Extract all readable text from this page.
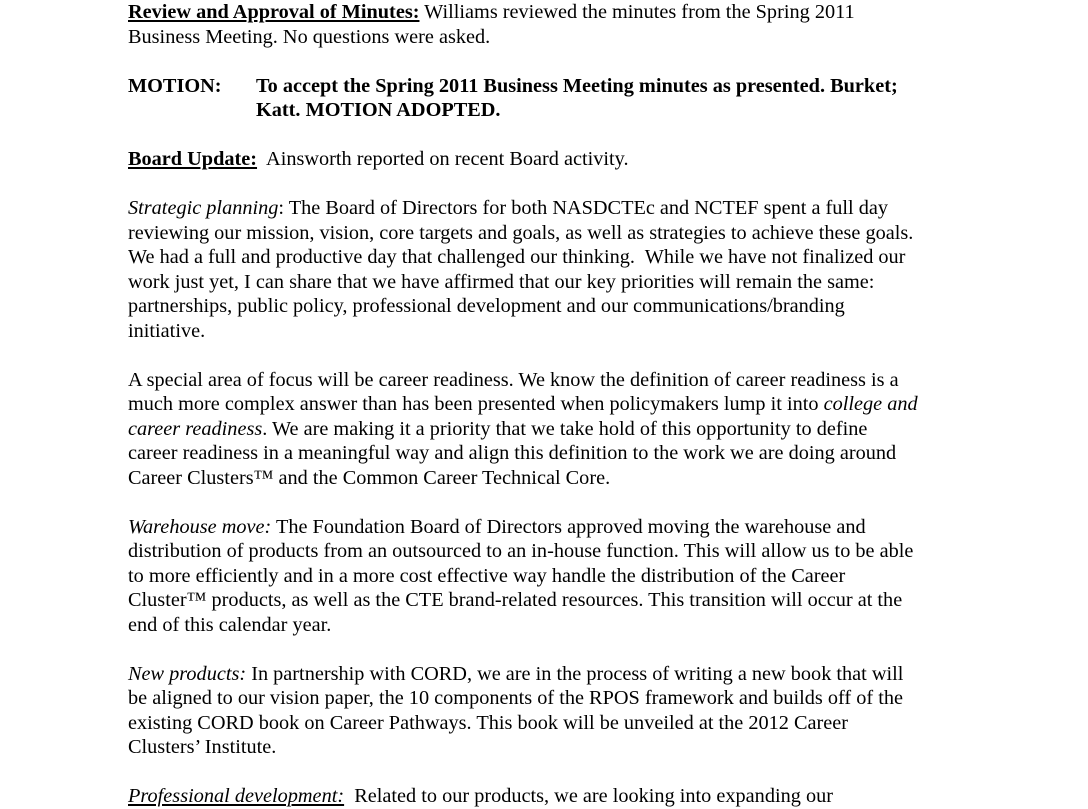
Review and Approval of Minutes: Williams reviewed the minutes from the Spring 2011
Business Meeting. No questions were asked.

MOTION:	To accept the Spring 2011 Business Meeting minutes as presented. Burket;
Katt. MOTION ADOPTED.

Board Update:  Ainsworth reported on recent Board activity.

Strategic planning: The Board of Directors for both NASDCTEc and NCTEF spent a full day
reviewing our mission, vision, core targets and goals, as well as strategies to achieve these goals.
We had a full and productive day that challenged our thinking.  While we have not finalized our
work just yet, I can share that we have affirmed that our key priorities will remain the same:
partnerships, public policy, professional development and our communications/branding
initiative.

A special area of focus will be career readiness. We know the definition of career readiness is a
much more complex answer than has been presented when policymakers lump it into college and
career readiness. We are making it a priority that we take hold of this opportunity to define
career readiness in a meaningful way and align this definition to the work we are doing around
Career Clusters™ and the Common Career Technical Core.

Warehouse move: The Foundation Board of Directors approved moving the warehouse and
distribution of products from an outsourced to an in-house function. This will allow us to be able
to more efficiently and in a more cost effective way handle the distribution of the Career
Cluster™ products, as well as the CTE brand-related resources. This transition will occur at the
end of this calendar year.

New products: In partnership with CORD, we are in the process of writing a new book that will
be aligned to our vision paper, the 10 components of the RPOS framework and builds off of the
existing CORD book on Career Pathways. This book will be unveiled at the 2012 Career
Clusters’ Institute.

Professional development:  Related to our products, we are looking into expanding our
